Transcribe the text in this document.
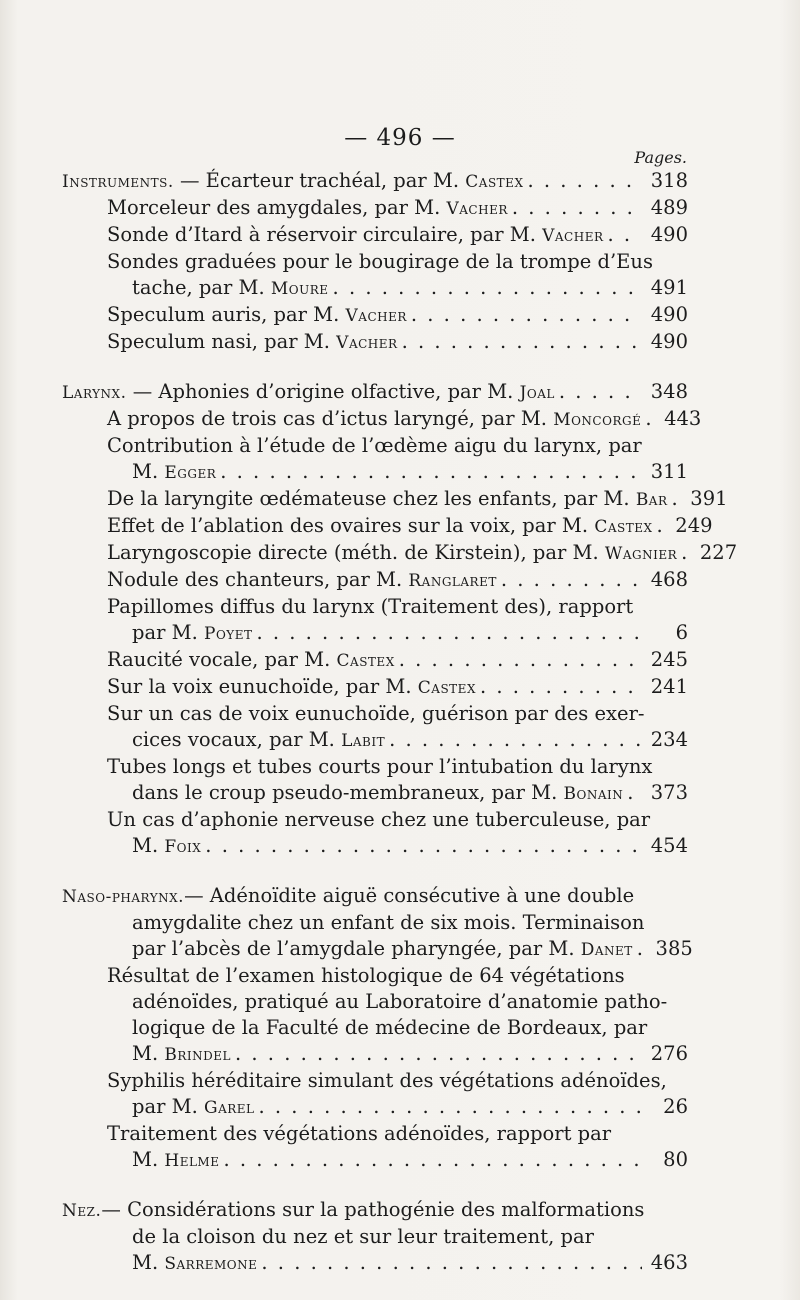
— 496 —
Pages.
Instruments. — Écarteur trachéal, par M. Castex . . .	318
Morceleur des amygdales, par M. Vacher . . .	489
Sonde d’Itard à réservoir circulaire, par M. Vacher . . . 490
Sondes graduées pour le bougirage de la trompe d’Eus
tache, par M. Moure . . .	491
Speculum auris, par M. Vacher . . .	490
Speculum nasi, par M. Vacher . . .	490
Larynx. — Aphonies d’origine olfactive, par M. Joal . . .	348
A propos de trois cas d’ictus laryngé, par M. Moncorgé . . . 443
Contribution à l’étude de l’œdème aigu du larynx, par
M. Egger . . .	311
De la laryngite œdémateuse chez les enfants, par M. Bar . . . 391
Effet de l’ablation des ovaires sur la voix, par M. Castex . . . 249
Laryngoscopie directe (méth. de Kirstein), par M. Wagnier . . . 227
Nodule des chanteurs, par M. Ranglaret . . .	468
Papillomes diffus du larynx (Traitement des), rapport
par M. Poyet . . .	6
Raucité vocale, par M. Castex . . .	245
Sur la voix eunuchoïde, par M. Castex . . .	241
Sur un cas de voix eunuchoïde, guérison par des exer-
cices vocaux, par M. Labit . . .	234
Tubes longs et tubes courts pour l’intubation du larynx
dans le croup pseudo-membraneux, par M. Bonain . . . 373
Un cas d’aphonie nerveuse chez une tuberculeuse, par
M. Foix . . .	454
Naso-pharynx. — Adénoïdite aiguë consécutive à une double
amygdalite chez un enfant de six mois. Terminaison
par l’abcès de l’amygdale pharyngée, par M. Danet . . . 385
Résultat de l’examen histologique de 64 végétations
adénoïdes, pratiqué au Laboratoire d’anatomie patho-
logique de la Faculté de médecine de Bordeaux, par
M. Brindel . . .	276
Syphilis héréditaire simulant des végétations adénoïdes,
par M. Garel . . .	26
Traitement des végétations adénoïdes, rapport par
M. Helme . . .	80
Nez. — Considérations sur la pathogénie des malformations
de la cloison du nez et sur leur traitement, par
M. Sarremone . . .	463
